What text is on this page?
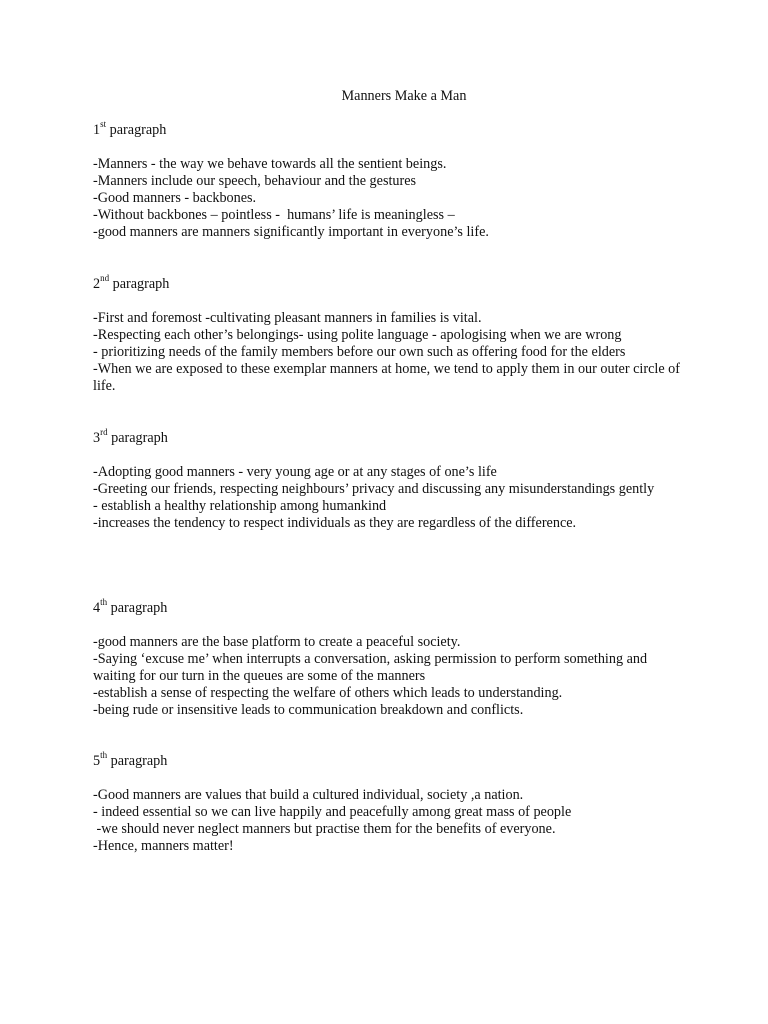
Manners Make a Man
1st paragraph
-Manners - the way we behave towards all the sentient beings.
-Manners include our speech, behaviour and the gestures
-Good manners - backbones.
-Without backbones – pointless -  humans’ life is meaningless –
-good manners are manners significantly important in everyone’s life.
2nd paragraph
-First and foremost -cultivating pleasant manners in families is vital.
-Respecting each other’s belongings- using polite language - apologising when we are wrong
- prioritizing needs of the family members before our own such as offering food for the elders
-When we are exposed to these exemplar manners at home, we tend to apply them in our outer circle of life.
3rd paragraph
-Adopting good manners - very young age or at any stages of one’s life
-Greeting our friends, respecting neighbours’ privacy and discussing any misunderstandings gently
- establish a healthy relationship among humankind
-increases the tendency to respect individuals as they are regardless of the difference.
4th paragraph
-good manners are the base platform to create a peaceful society.
-Saying ‘excuse me’ when interrupts a conversation, asking permission to perform something and waiting for our turn in the queues are some of the manners
-establish a sense of respecting the welfare of others which leads to understanding.
-being rude or insensitive leads to communication breakdown and conflicts.
5th paragraph
-Good manners are values that build a cultured individual, society ,a nation.
- indeed essential so we can live happily and peacefully among great mass of people
-we should never neglect manners but practise them for the benefits of everyone.
-Hence, manners matter!
